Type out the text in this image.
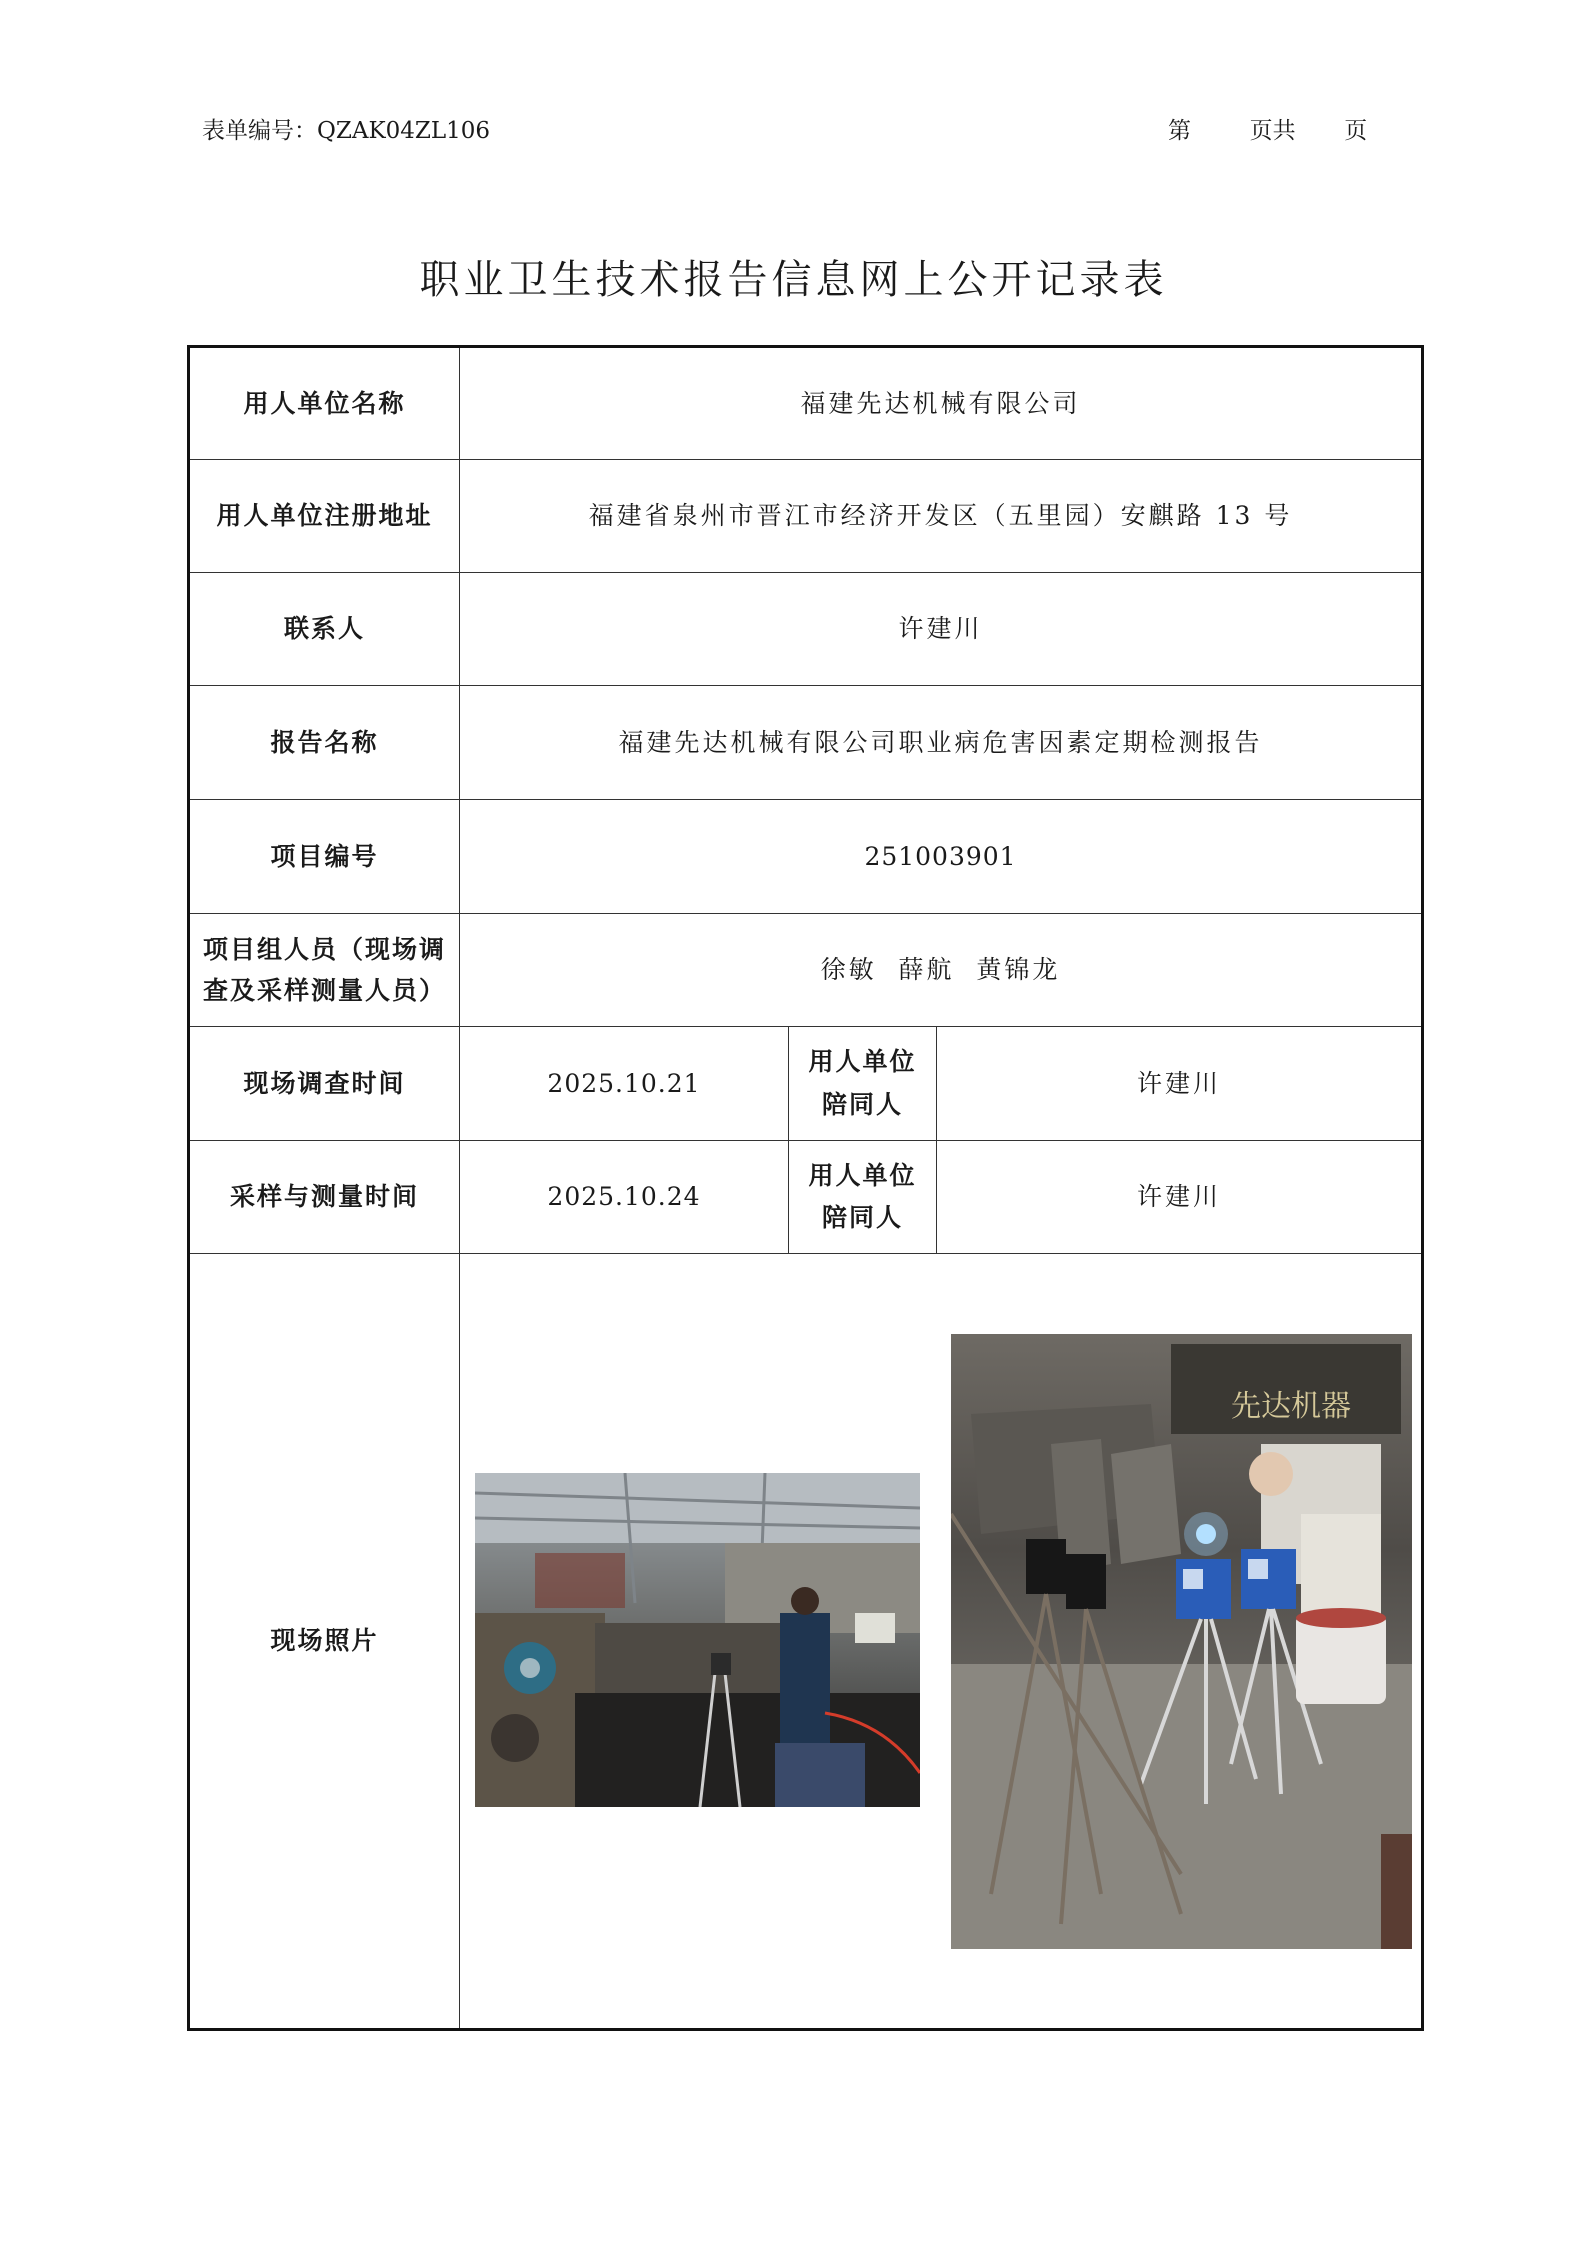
表单编号：QZAK04ZL106	第	页共 页
职业卫生技术报告信息网上公开记录表
用人单位名称	福建先达机械有限公司		
用人单位注册地址	福建省泉州市晋江市经济开发区（五里园）安麒路 13 号		
联系人	许建川		
报告名称	福建先达机械有限公司职业病危害因素定期检测报告		
项目编号	251003901		
项目组人员（现场调查及采样测量人员）	徐敏  薛航  黄锦龙		
现场调查时间	2025.10.21	用人单位陪同人	许建川
采样与测量时间	2025.10.24	用人单位陪同人	许建川
现场照片	先达机器		
